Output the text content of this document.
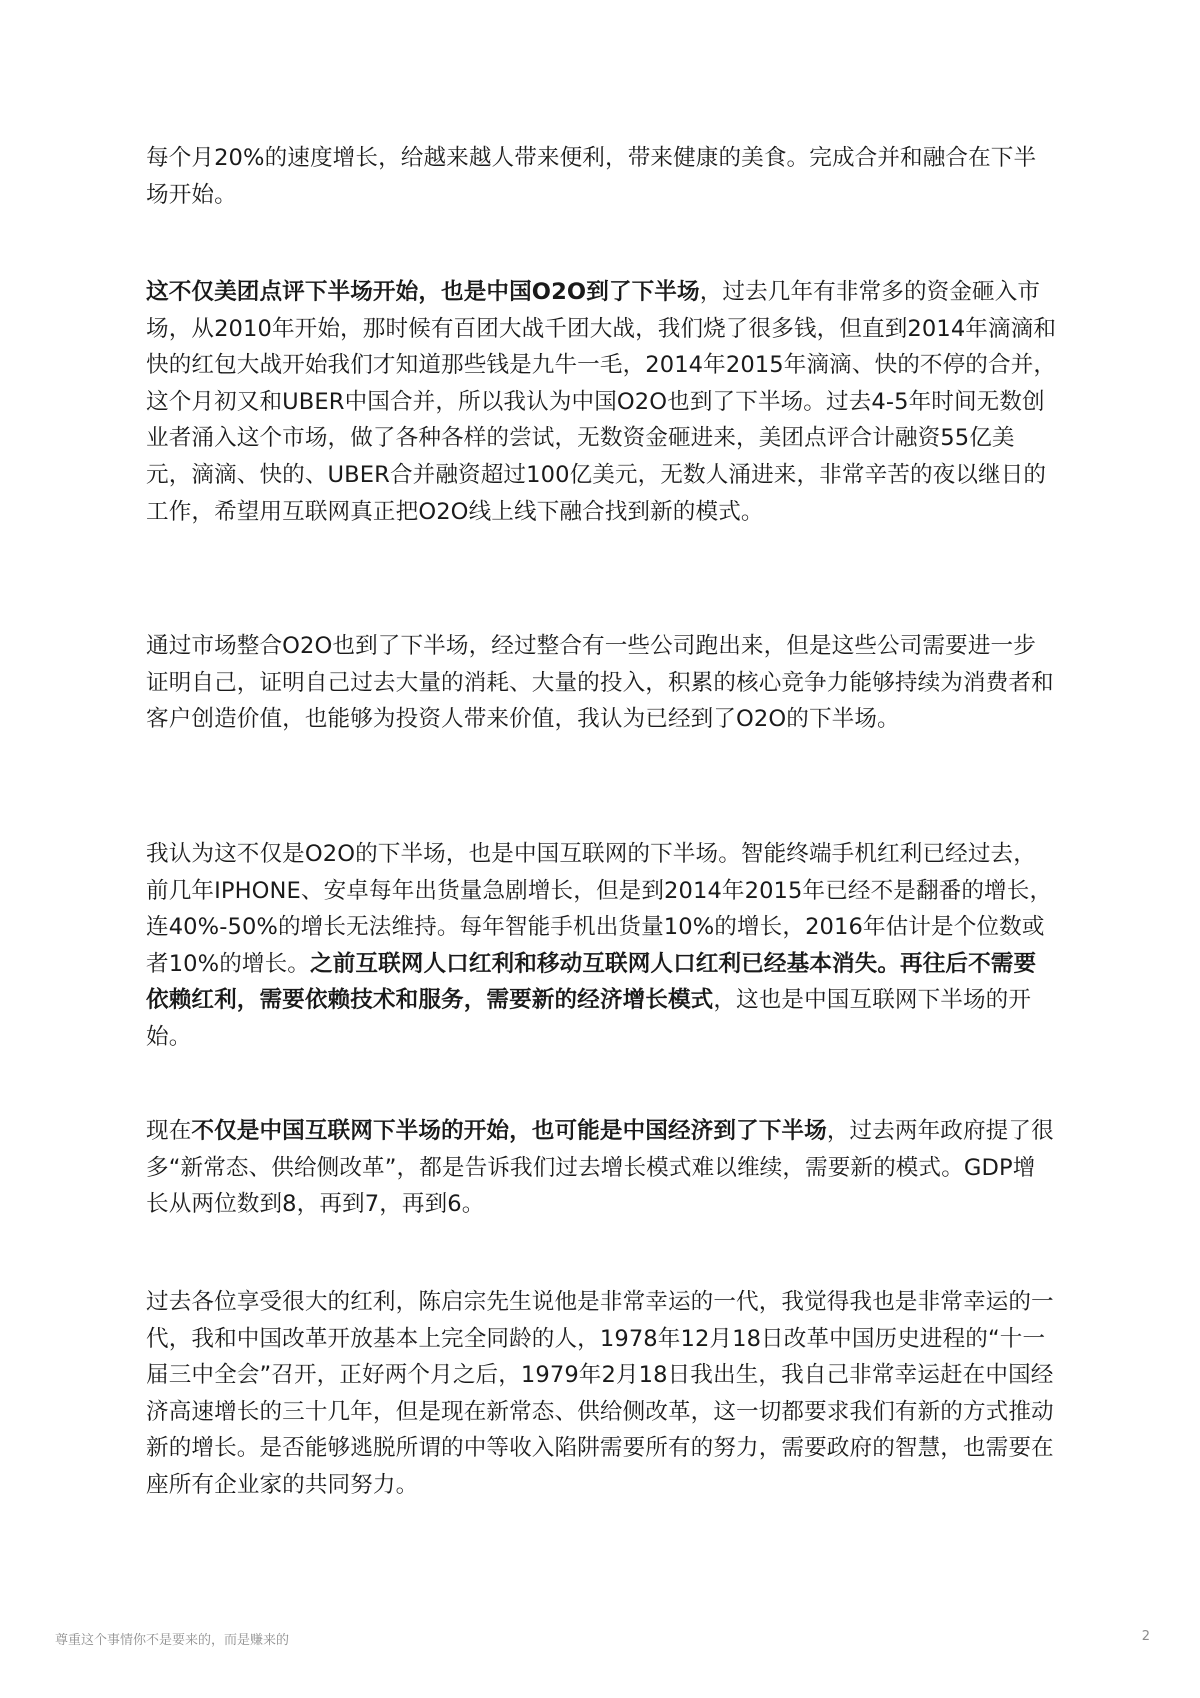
每个月20%的速度增长，给越来越人带来便利，带来健康的美食。完成合并和融合在下半场开始。

这不仅美团点评下半场开始，也是中国O2O到了下半场，过去几年有非常多的资金砸入市场，从2010年开始，那时候有百团大战千团大战，我们烧了很多钱，但直到2014年滴滴和快的红包大战开始我们才知道那些钱是九牛一毛，2014年2015年滴滴、快的不停的合并，这个月初又和UBER中国合并，所以我认为中国O2O也到了下半场。过去4-5年时间无数创业者涌入这个市场，做了各种各样的尝试，无数资金砸进来，美团点评合计融资55亿美元，滴滴、快的、UBER合并融资超过100亿美元，无数人涌进来，非常辛苦的夜以继日的工作，希望用互联网真正把O2O线上线下融合找到新的模式。

通过市场整合O2O也到了下半场，经过整合有一些公司跑出来，但是这些公司需要进一步证明自己，证明自己过去大量的消耗、大量的投入，积累的核心竞争力能够持续为消费者和客户创造价值，也能够为投资人带来价值，我认为已经到了O2O的下半场。

我认为这不仅是O2O的下半场，也是中国互联网的下半场。智能终端手机红利已经过去，前几年IPHONE、安卓每年出货量急剧增长，但是到2014年2015年已经不是翻番的增长，连40%-50%的增长无法维持。每年智能手机出货量10%的增长，2016年估计是个位数或者10%的增长。之前互联网人口红利和移动互联网人口红利已经基本消失。再往后不需要依赖红利，需要依赖技术和服务，需要新的经济增长模式，这也是中国互联网下半场的开始。

现在不仅是中国互联网下半场的开始，也可能是中国经济到了下半场，过去两年政府提了很多“新常态、供给侧改革”，都是告诉我们过去增长模式难以维续，需要新的模式。GDP增长从两位数到8，再到7，再到6。

过去各位享受很大的红利，陈启宗先生说他是非常幸运的一代，我觉得我也是非常幸运的一代，我和中国改革开放基本上完全同龄的人，1978年12月18日改革中国历史进程的“十一届三中全会”召开，正好两个月之后，1979年2月18日我出生，我自己非常幸运赶在中国经济高速增长的三十几年，但是现在新常态、供给侧改革，这一切都要求我们有新的方式推动新的增长。是否能够逃脱所谓的中等收入陷阱需要所有的努力，需要政府的智慧，也需要在座所有企业家的共同努力。

尊重这个事情你不是要来的，而是赚来的	2
